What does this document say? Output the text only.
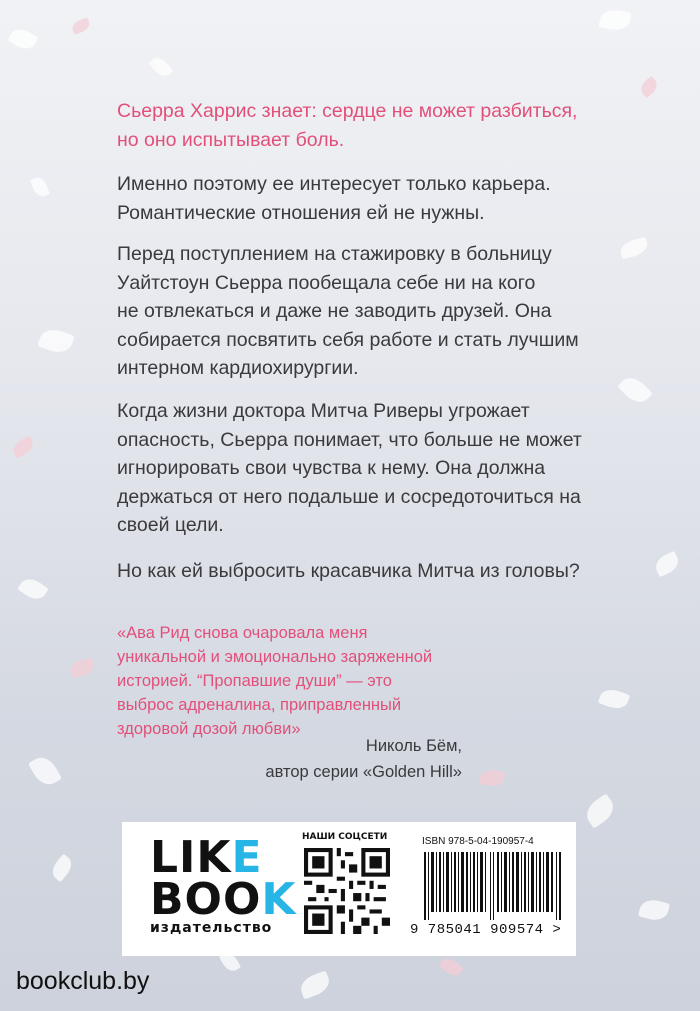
Сьерра Харрис знает: сердце не может разбиться,
но оно испытывает боль.

Именно поэтому ее интересует только карьера.
Романтические отношения ей не нужны.

Перед поступлением на стажировку в больницу
Уайтстоун Сьерра пообещала себе ни на кого
не отвлекаться и даже не заводить друзей. Она
собирается посвятить себя работе и стать лучшим
интерном кардиохирургии.

Когда жизни доктора Митча Риверы угрожает
опасность, Сьерра понимает, что больше не может
игнорировать свои чувства к нему. Она должна
держаться от него подальше и сосредоточиться на
своей цели.

Но как ей выбросить красавчика Митча из головы?

«Ава Рид снова очаровала меня
уникальной и эмоционально заряженной
историей. “Пропавшие души” — это
выброс адреналина, приправленный
здоровой дозой любви»

Николь Бём,
автор серии «Golden Hill»
LIKE
BOOK
издательство
НАШИ СОЦСЕТИ	ISBN 978-5-04-190957-4
9 785041 909574 >
bookclub.by
